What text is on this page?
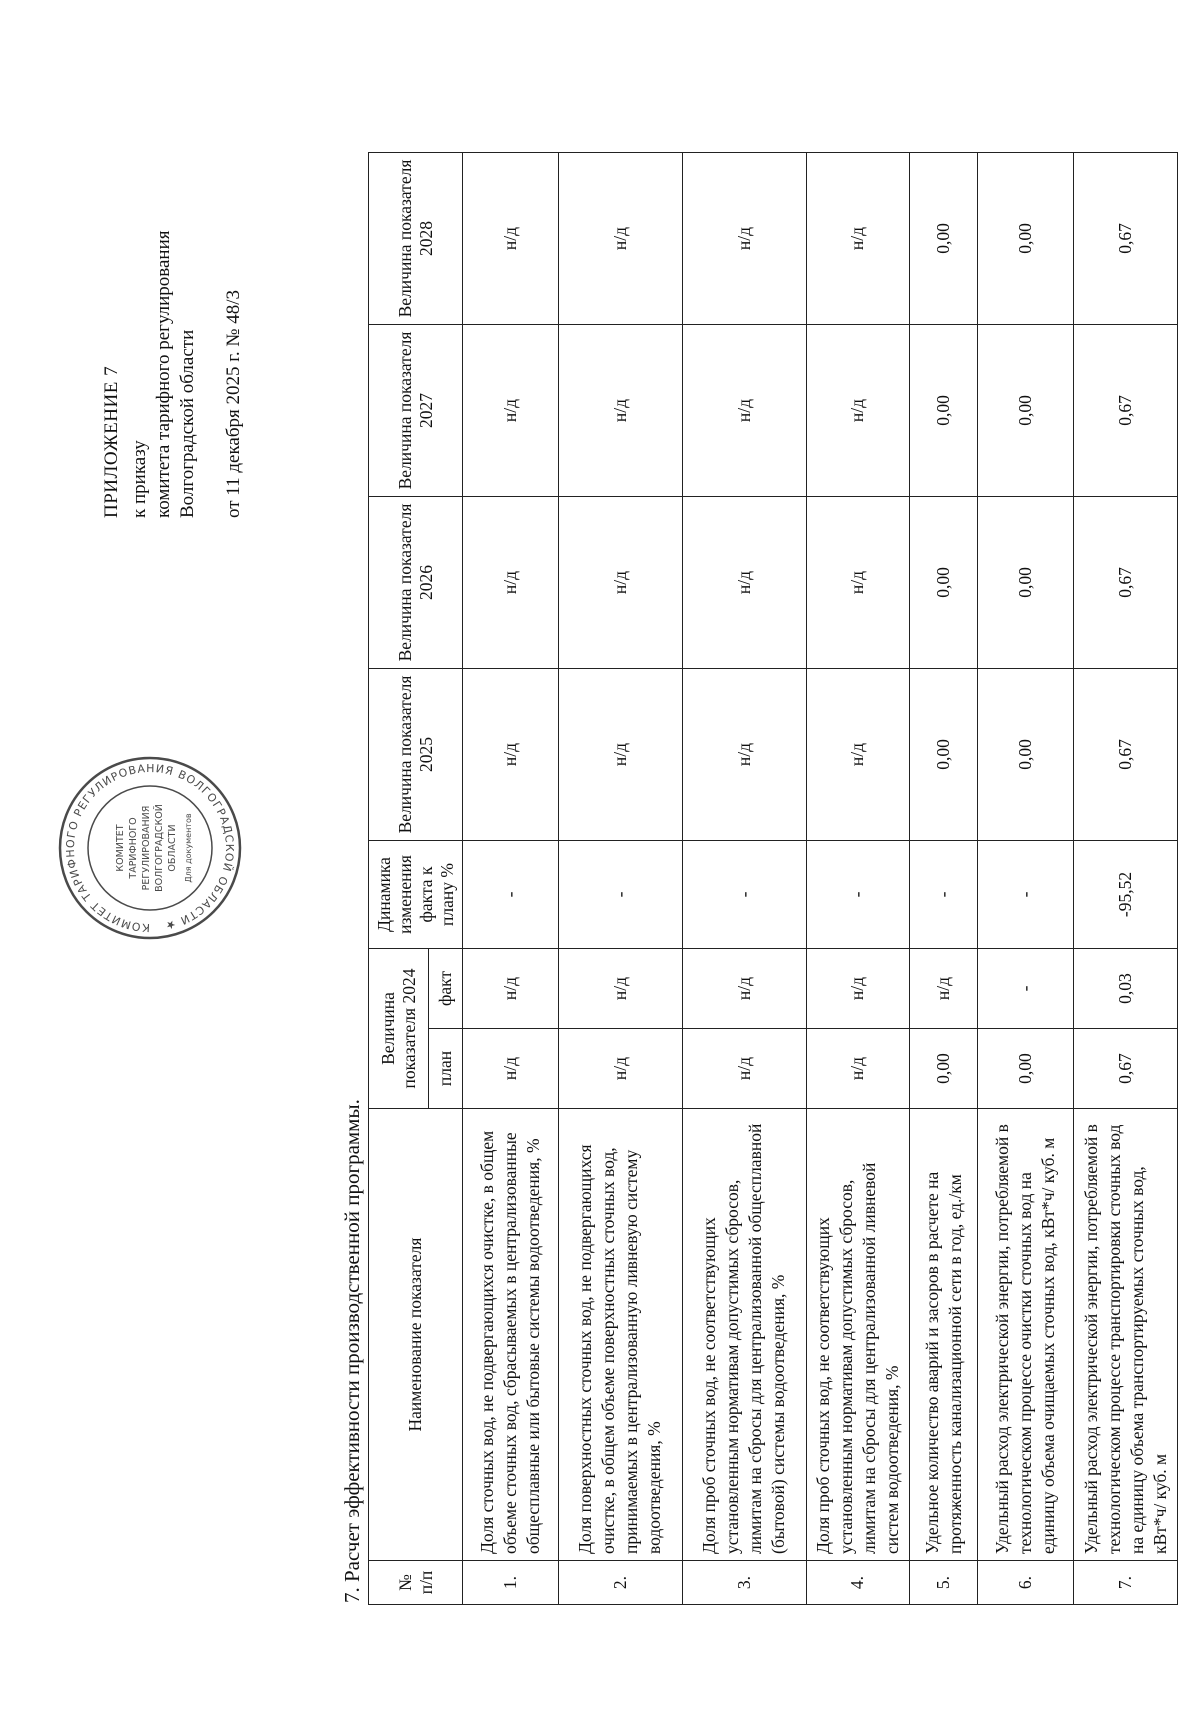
ПРИЛОЖЕНИЕ 7 к приказу комитета тарифного регулирования Волгоградской области от 11 декабря 2025 г. № 48/3
КОМИТЕТ ТАРИФНОГО РЕГУЛИРОВАНИЯ ВОЛГОГРАДСКОЙ ОБЛАСТИ ★
КОМИТЕТ ТАРИФНОГО РЕГУЛИРОВАНИЯ ВОЛГОГРАДСКОЙ ОБЛАСТИ Для документов
7. Расчет эффективности производственной программы. № п/п	Наименование показателя	Величина показателя 2024		Динамика изменения факта к плану %	Величина показателя 2025	Величина показателя 2026	Величина показателя 2027	Величина показателя 2028
		план	факт					
1.	Доля сточных вод, не подвергающихся очистке, в общем объеме сточных вод, сбрасываемых в централизованные общесплавные или бытовые системы водоотведения, %	н/д	н/д	-	н/д	н/д	н/д	н/д
2.	Доля поверхностных сточных вод, не подвергающихся очистке, в общем объеме поверхностных сточных вод, принимаемых в централизованную ливневую систему водоотведения, %	н/д	н/д	-	н/д	н/д	н/д	н/д
3.	Доля проб сточных вод, не соответствующих установленным нормативам допустимых сбросов, лимитам на сбросы для централизованной общесплавной (бытовой) системы водоотведения, %	н/д	н/д	-	н/д	н/д	н/д	н/д
4.	Доля проб сточных вод, не соответствующих установленным нормативам допустимых сбросов, лимитам на сбросы для централизованной ливневой систем водоотведения, %	н/д	н/д	-	н/д	н/д	н/д	н/д
5.	Удельное количество аварий и засоров в расчете на протяженность канализационной сети в год, ед./км	0,00	н/д	-	0,00	0,00	0,00	0,00
6.	Удельный расход электрической энергии, потребляемой в технологическом процессе очистки сточных вод на единицу объема очищаемых сточных вод, кВт*ч/ куб. м	0,00	-	-	0,00	0,00	0,00	0,00
7.	Удельный расход электрической энергии, потребляемой в технологическом процессе транспортировки сточных вод на единицу объема транспортируемых сточных вод, кВт*ч/ куб. м	0,67	0,03	-95,52	0,67	0,67	0,67	0,67
